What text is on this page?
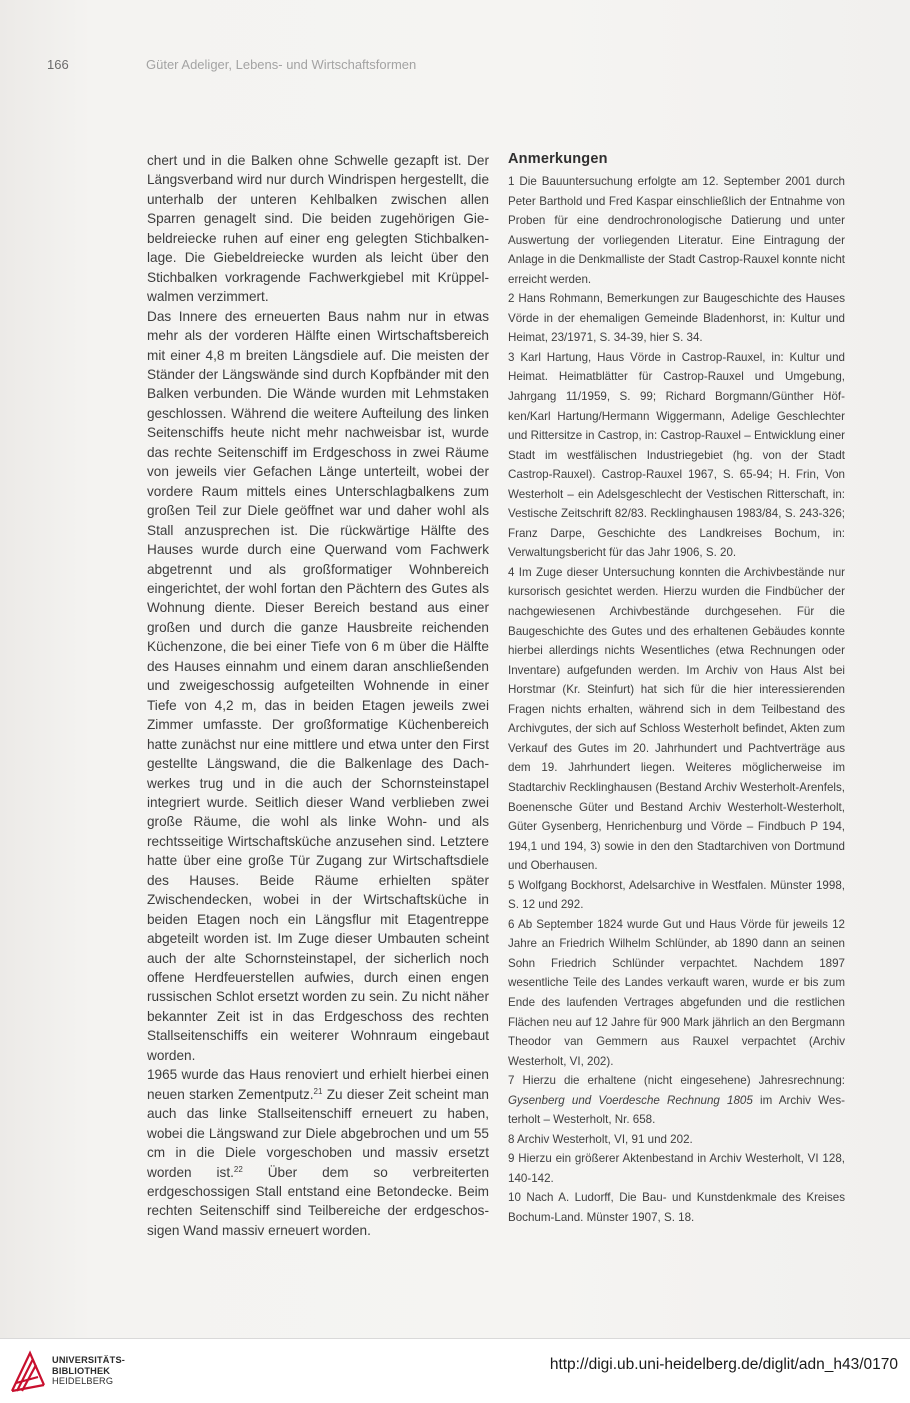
166	Güter Adeliger, Lebens- und Wirtschaftsformen

chert und in die Balken ohne Schwelle gezapft ist. Der Längsverband wird nur durch Windrispen hergestellt, die unterhalb der unteren Kehlbalken zwischen allen Sparren genagelt sind. Die beiden zugehörigen Giebeldreiecke ruhen auf einer eng gelegten Stichbalkenlage. Die Giebeldreiecke wurden als leicht über den Stichbalken vorkragende Fachwerkgiebel mit Krüppelwalmen verzimmert.

Das Innere des erneuerten Baus nahm nur in etwas mehr als der vorderen Hälfte einen Wirtschaftsbereich mit einer 4,8 m breiten Längsdiele auf. Die meisten der Ständer der Längswände sind durch Kopfbänder mit den Balken verbunden. Die Wände wurden mit Lehmstaken geschlossen. Während die weitere Aufteilung des linken Seitenschiffs heute nicht mehr nachweisbar ist, wurde das rechte Seitenschiff im Erdgeschoss in zwei Räume von jeweils vier Gefachen Länge unterteilt, wobei der vordere Raum mittels eines Unterschlagbalkens zum großen Teil zur Diele geöffnet war und daher wohl als Stall anzusprechen ist. Die rückwärtige Hälfte des Hauses wurde durch eine Querwand vom Fachwerk abgetrennt und als großformatiger Wohnbereich eingerichtet, der wohl fortan den Pächtern des Gutes als Wohnung diente. Dieser Bereich bestand aus einer großen und durch die ganze Hausbreite reichenden Küchenzone, die bei einer Tiefe von 6 m über die Hälfte des Hauses einnahm und einem daran anschließenden und zweigeschossig aufgeteilten Wohnende in einer Tiefe von 4,2 m, das in beiden Etagen jeweils zwei Zimmer umfasste. Der großformatige Küchenbereich hatte zunächst nur eine mittlere und etwa unter den First gestellte Längswand, die die Balkenlage des Dachwerkes trug und in die auch der Schornsteinstapel integriert wurde. Seitlich dieser Wand verblieben zwei große Räume, die wohl als linke Wohn- und als rechtsseitige Wirtschaftsküche anzusehen sind. Letztere hatte über eine große Tür Zugang zur Wirtschaftsdiele des Hauses. Beide Räume erhielten später Zwischendecken, wobei in der Wirtschaftsküche in beiden Etagen noch ein Längsflur mit Etagentreppe abgeteilt worden ist. Im Zuge dieser Umbauten scheint auch der alte Schornsteinstapel, der sicherlich noch offene Herdfeuerstellen aufwies, durch einen engen russischen Schlot ersetzt worden zu sein. Zu nicht näher bekannter Zeit ist in das Erdgeschoss des rechten Stallseitenschiffs ein weiterer Wohnraum eingebaut worden.

1965 wurde das Haus renoviert und erhielt hierbei einen neuen starken Zementputz.$^{21}$ Zu dieser Zeit scheint man auch das linke Stallseitenschiff erneuert zu haben, wobei die Längswand zur Diele abgebrochen und um 55 cm in die Diele vorgeschoben und massiv ersetzt worden ist.$^{22}$ Über dem so verbreiterten erdgeschossigen Stall entstand eine Betondecke. Beim rechten Seitenschiff sind Teilbereiche der erdgeschossigen Wand massiv erneuert worden.

Anmerkungen
1 Die Bauuntersuchung erfolgte am 12. September 2001 durch Peter Barthold und Fred Kaspar einschließlich der Entnahme von Proben für eine dendrochronologische Datierung und unter Auswertung der vorliegenden Literatur. Eine Eintragung der Anlage in die Denkmalliste der Stadt Castrop-Rauxel konnte nicht erreicht werden.
2 Hans Rohmann, Bemerkungen zur Baugeschichte des Hauses Vörde in der ehemaligen Gemeinde Bladenhorst, in: Kultur und Heimat, 23/1971, S. 34-39, hier S. 34.
3 Karl Hartung, Haus Vörde in Castrop-Rauxel, in: Kultur und Heimat. Heimatblätter für Castrop-Rauxel und Umgebung, Jahrgang 11/1959, S. 99; Richard Borgmann/Günther Höfken/Karl Hartung/Hermann Wiggermann, Adelige Geschlechter und Rittersitze in Castrop, in: Castrop-Rauxel – Entwicklung einer Stadt im westfälischen Industriegebiet (hg. von der Stadt Castrop-Rauxel). Castrop-Rauxel 1967, S. 65-94; H. Frin, Von Westerholt – ein Adelsgeschlecht der Vestischen Ritterschaft, in: Vestische Zeitschrift 82/83. Recklinghausen 1983/84, S. 243-326; Franz Darpe, Geschichte des Landkreises Bochum, in: Verwaltungsbericht für das Jahr 1906, S. 20.
4 Im Zuge dieser Untersuchung konnten die Archivbestände nur kursorisch gesichtet werden. Hierzu wurden die Findbücher der nachgewiesenen Archivbestände durchgesehen. Für die Baugeschichte des Gutes und des erhaltenen Gebäudes konnte hierbei allerdings nichts Wesentliches (etwa Rechnungen oder Inventare) aufgefunden werden. Im Archiv von Haus Alst bei Horstmar (Kr. Steinfurt) hat sich für die hier interessierenden Fragen nichts erhalten, während sich in dem Teilbestand des Archivgutes, der sich auf Schloss Westerholt befindet, Akten zum Verkauf des Gutes im 20. Jahrhundert und Pachtverträge aus dem 19. Jahrhundert liegen. Weiteres möglicherweise im Stadtarchiv Recklinghausen (Bestand Archiv Westerholt-Arenfels, Boenensche Güter und Bestand Archiv Westerholt-Westerholt, Güter Gysenberg, Henrichenburg und Vörde – Findbuch P 194, 194,1 und 194, 3) sowie in den den Stadtarchiven von Dortmund und Oberhausen.
5 Wolfgang Bockhorst, Adelsarchive in Westfalen. Münster 1998, S. 12 und 292.
6 Ab September 1824 wurde Gut und Haus Vörde für jeweils 12 Jahre an Friedrich Wilhelm Schlünder, ab 1890 dann an seinen Sohn Friedrich Schlünder verpachtet. Nachdem 1897 wesentliche Teile des Landes verkauft waren, wurde er bis zum Ende des laufenden Vertrages abgefunden und die restlichen Flächen neu auf 12 Jahre für 900 Mark jährlich an den Bergmann Theodor van Gemmern aus Rauxel verpachtet (Archiv Westerholt, VI, 202).
7 Hierzu die erhaltene (nicht eingesehene) Jahresrechnung: Gysenberg und Voerdesche Rechnung 1805 im Archiv Westerholt – Westerholt, Nr. 658.
8 Archiv Westerholt, VI, 91 und 202.
9 Hierzu ein größerer Aktenbestand in Archiv Westerholt, VI 128, 140-142.
10 Nach A. Ludorff, Die Bau- und Kunstdenkmale des Kreises Bochum-Land. Münster 1907, S. 18.
UNIVERSITÄTS-
BIBLIOTHEK
HEIDELBERG
http://digi.ub.uni-heidelberg.de/diglit/adn_h43/0170
